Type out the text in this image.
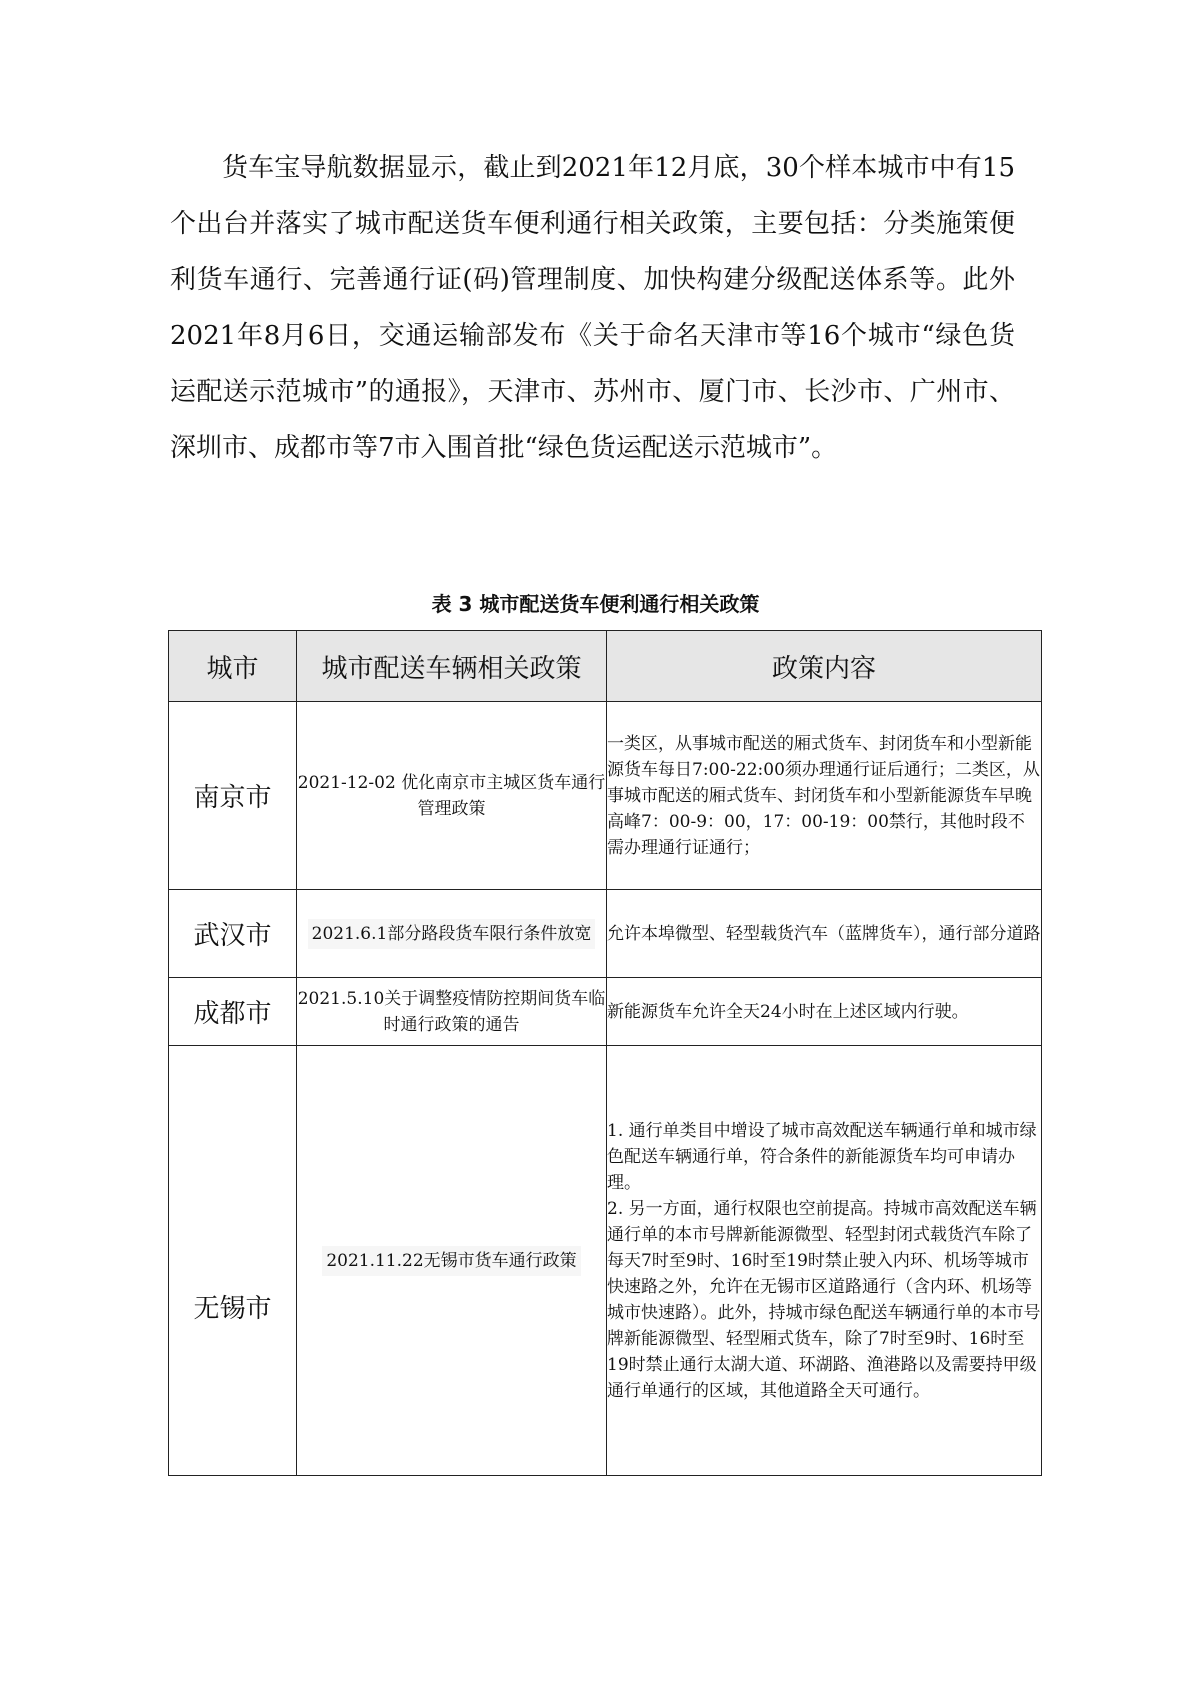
货车宝导航数据显示，截止到2021年12月底，30个样本城市中有15个出台并落实了城市配送货车便利通行相关政策，主要包括：分类施策便利货车通行、完善通行证(码)管理制度、加快构建分级配送体系等。此外2021年8月6日，交通运输部发布《关于命名天津市等16个城市“绿色货运配送示范城市”的通报》，天津市、苏州市、厦门市、长沙市、广州市、深圳市、成都市等7市入围首批“绿色货运配送示范城市”。

表 3 城市配送货车便利通行相关政策
城市	城市配送车辆相关政策	政策内容
南京市	2021-12-02 优化南京市主城区货车通行管理政策	一类区，从事城市配送的厢式货车、封闭货车和小型新能源货车每日7:00-22:00须办理通行证后通行；二类区，从事城市配送的厢式货车、封闭货车和小型新能源货车早晚高峰7：00-9：00，17：00-19：00禁行，其他时段不需办理通行证通行；

武汉市	2021.6.1部分路段货车限行条件放宽	允许本埠微型、轻型载货汽车（蓝牌货车），通行部分道路

成都市	2021.5.10关于调整疫情防控期间货车临时通行政策的通告	新能源货车允许全天24小时在上述区域内行驶。

无锡市	2021.11.22无锡市货车通行政策	1. 通行单类目中增设了城市高效配送车辆通行单和城市绿色配送车辆通行单，符合条件的新能源货车均可申请办理。

2. 另一方面，通行权限也空前提高。持城市高效配送车辆通行单的本市号牌新能源微型、轻型封闭式载货汽车除了每天7时至9时、16时至19时禁止驶入内环、机场等城市快速路之外，允许在无锡市区道路通行（含内环、机场等城市快速路）。此外，持城市绿色配送车辆通行单的本市号牌新能源微型、轻型厢式货车，除了7时至9时、16时至19时禁止通行太湖大道、环湖路、渔港路以及需要持甲级通行单通行的区域，其他道路全天可通行。
